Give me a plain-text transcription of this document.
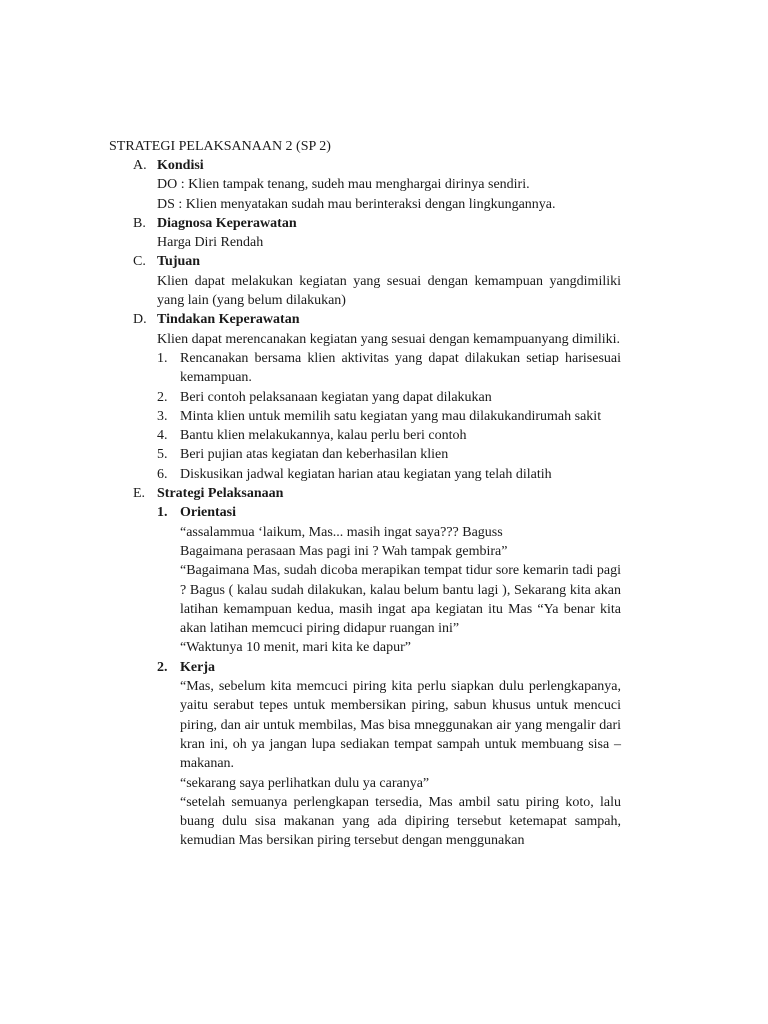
STRATEGI PELAKSANAAN 2 (SP 2)
A. Kondisi
DO : Klien tampak tenang, sudeh mau menghargai dirinya sendiri.
DS : Klien menyatakan sudah mau berinteraksi dengan lingkungannya.
B. Diagnosa Keperawatan
Harga Diri Rendah
C. Tujuan
Klien dapat melakukan kegiatan yang sesuai dengan kemampuan yangdimiliki yang lain (yang belum dilakukan)
D. Tindakan Keperawatan
Klien dapat merencanakan kegiatan yang sesuai dengan kemampuanyang dimiliki.
1. Rencanakan bersama klien aktivitas yang dapat dilakukan setiap harisesuai kemampuan.
2. Beri contoh pelaksanaan kegiatan yang dapat dilakukan
3. Minta klien untuk memilih satu kegiatan yang mau dilakukandirumah sakit
4. Bantu klien melakukannya, kalau perlu beri contoh
5. Beri pujian atas kegiatan dan keberhasilan klien
6. Diskusikan jadwal kegiatan harian atau kegiatan yang telah dilatih
E. Strategi Pelaksanaan
1. Orientasi
“assalammua ‘laikum, Mas... masih ingat saya??? Baguss
Bagaimana perasaan Mas pagi ini ? Wah tampak gembira”
“Bagaimana Mas, sudah dicoba merapikan tempat tidur sore kemarin tadi pagi ? Bagus ( kalau sudah dilakukan, kalau belum bantu lagi ), Sekarang kita akan latihan kemampuan kedua, masih ingat apa kegiatan itu Mas “Ya benar kita akan latihan memcuci piring didapur ruangan ini”
“Waktunya 10 menit, mari kita ke dapur”
2. Kerja
“Mas, sebelum kita memcuci piring kita perlu siapkan dulu perlengkapanya, yaitu serabut tepes untuk membersikan piring, sabun khusus untuk mencuci piring, dan air untuk membilas, Mas bisa mneggunakan air yang mengalir dari kran ini, oh ya jangan lupa sediakan tempat sampah untuk membuang sisa – makanan.
“sekarang saya perlihatkan dulu ya caranya”
“setelah semuanya perlengkapan tersedia, Mas ambil satu piring koto, lalu buang dulu sisa makanan yang ada dipiring tersebut ketemapat sampah, kemudian Mas bersikan piring tersebut dengan menggunakan
